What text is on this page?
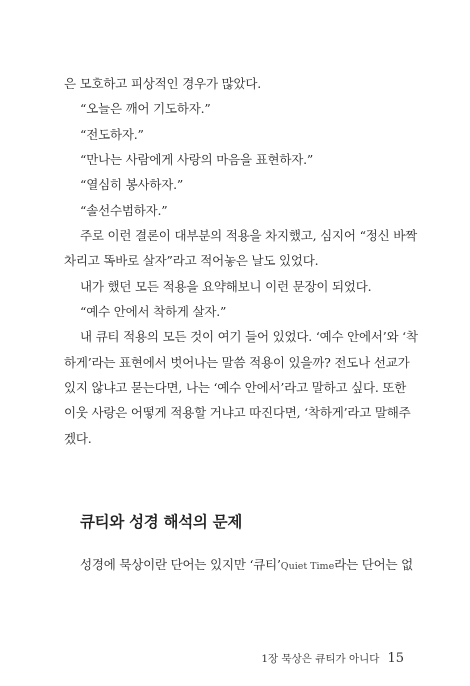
은 모호하고 피상적인 경우가 많았다.
“오늘은 깨어 기도하자.”
“전도하자.”
“만나는 사람에게 사랑의 마음을 표현하자.”
“열심히 봉사하자.”
“솔선수범하자.”
주로 이런 결론이 대부분의 적용을 차지했고, 심지어 “정신 바짝
차리고 똑바로 살자”라고 적어놓은 날도 있었다.
내가 했던 모든 적용을 요약해보니 이런 문장이 되었다.
“예수 안에서 착하게 살자.”
내 큐티 적용의 모든 것이 여기 들어 있었다. ‘예수 안에서’와 ‘착
하게’라는 표현에서 벗어나는 말씀 적용이 있을까? 전도나 선교가
있지 않냐고 묻는다면, 나는 ‘예수 안에서’라고 말하고 싶다. 또한
이웃 사랑은 어떻게 적용할 거냐고 따진다면, ‘착하게’라고 말해주
겠다.
큐티와 성경 해석의 문제
성경에 묵상이란 단어는 있지만 ‘큐티’Quiet Time라는 단어는 없
1장 묵상은 큐티가 아니다 15
